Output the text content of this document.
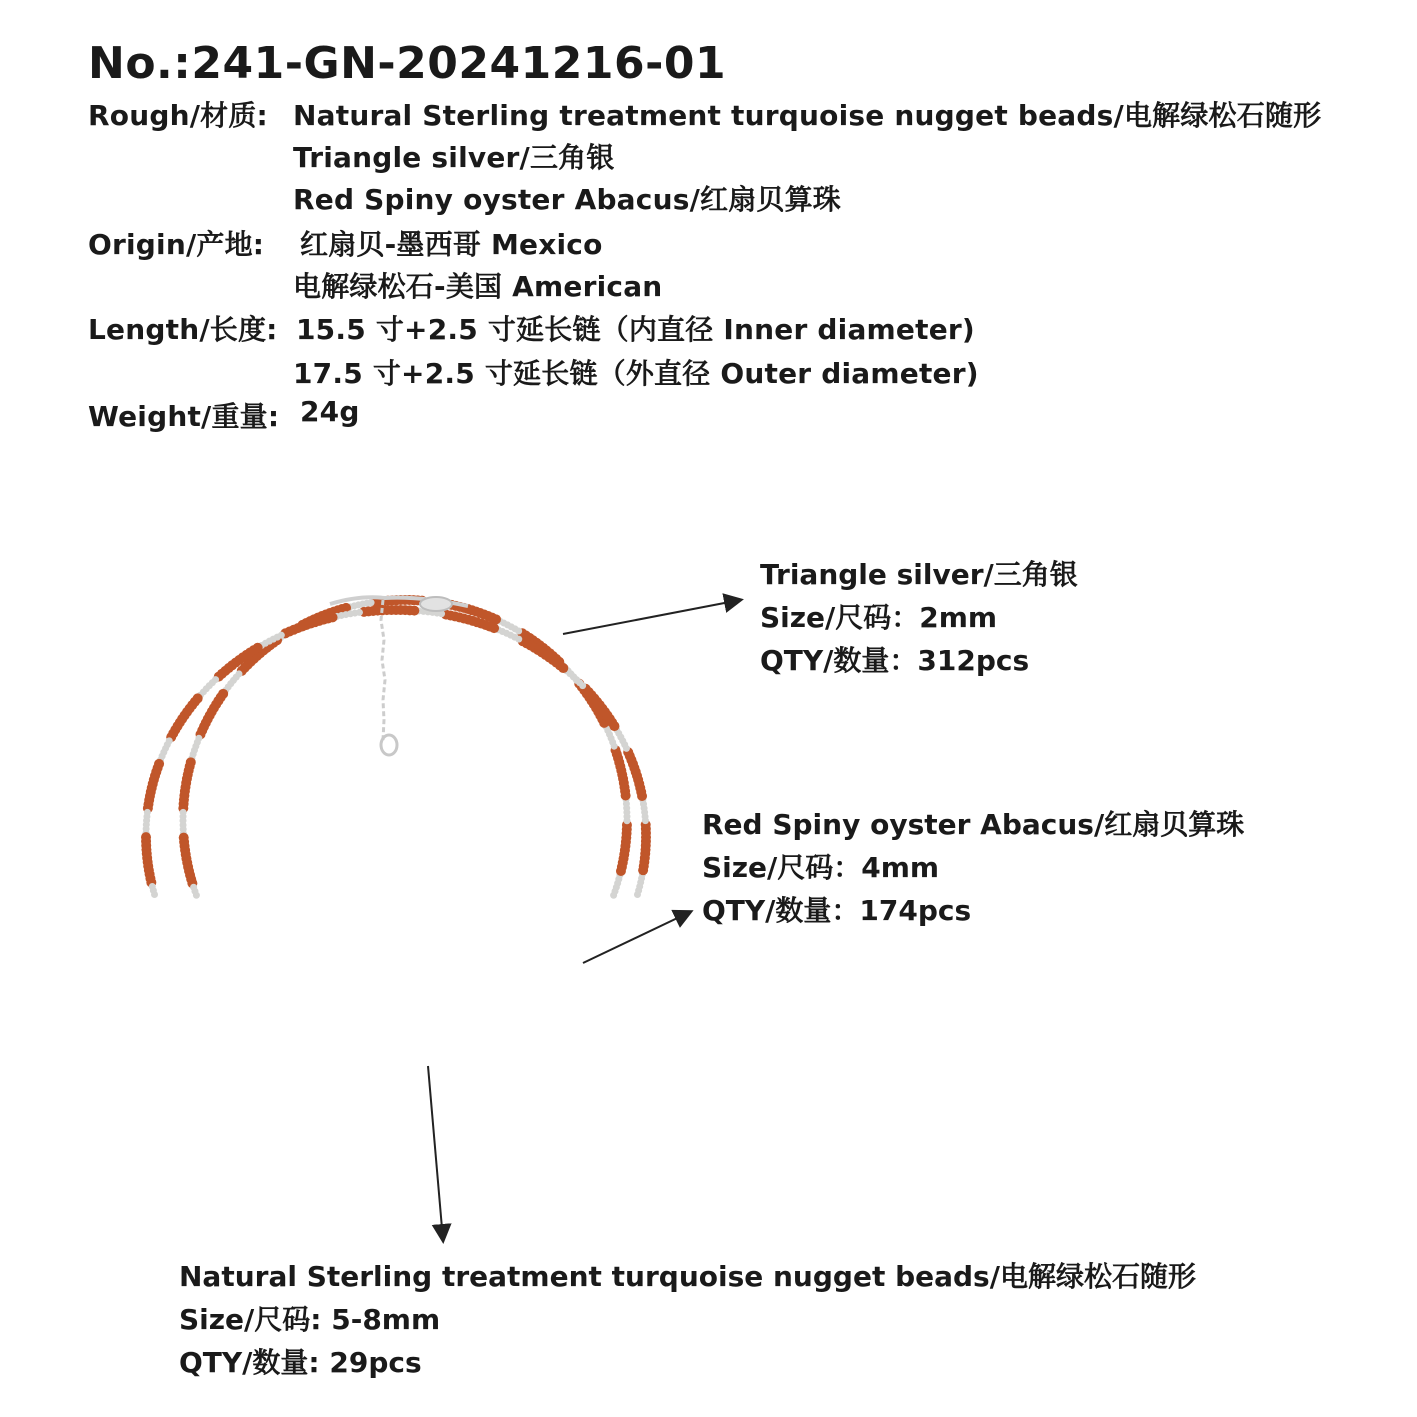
No.:241-GN-20241216-01
Rough/材质: Natural Sterling treatment turquoise nugget beads/电解绿松石随形
Triangle silver/三角银
Red Spiny oyster Abacus/红扇贝算珠
Origin/产地: 红扇贝-墨西哥 Mexico
电解绿松石-美国 American
Length/长度: 15.5 寸+2.5 寸延长链（内直径 Inner diameter)
17.5 寸+2.5 寸延长链（外直径 Outer diameter)
Weight/重量: 24g
Triangle silver/三角银
Size/尺码：2mm
QTY/数量：312pcs
Red Spiny oyster Abacus/红扇贝算珠
Size/尺码：4mm
QTY/数量：174pcs
Natural Sterling treatment turquoise nugget beads/电解绿松石随形
Size/尺码: 5-8mm
QTY/数量: 29pcs
